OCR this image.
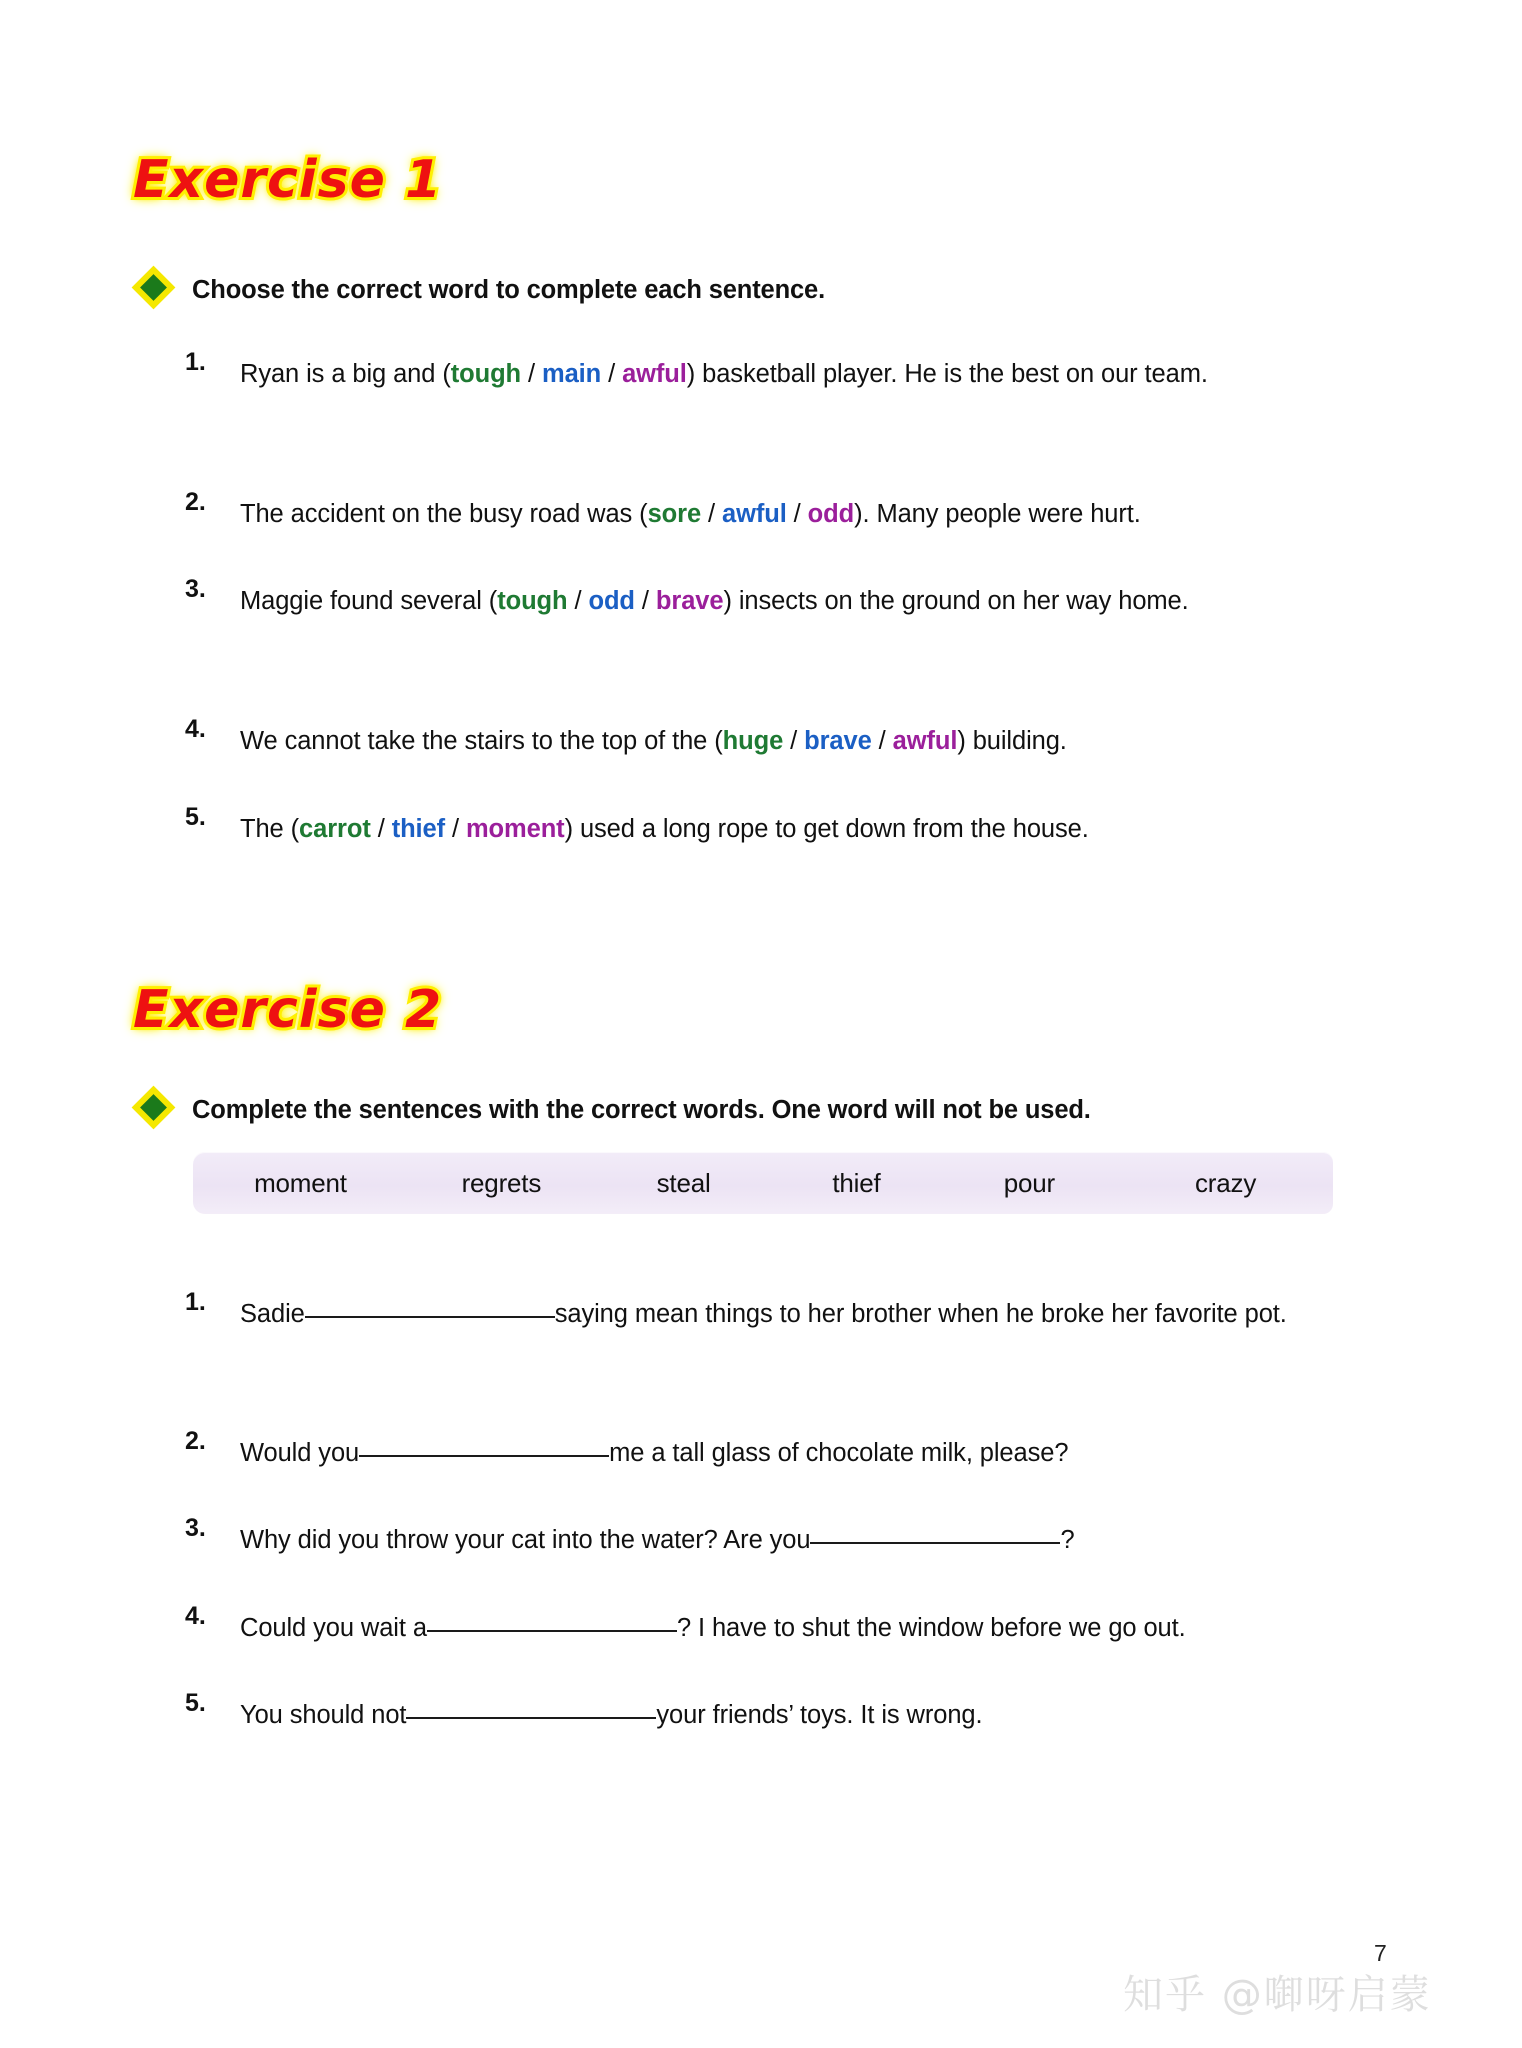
Exercise 1
Choose the correct word to complete each sentence.
1. Ryan is a big and (tough / main / awful) basketball player. He is the best on our team.
2. The accident on the busy road was (sore / awful / odd). Many people were hurt.
3. Maggie found several (tough / odd / brave) insects on the ground on her way home.
4. We cannot take the stairs to the top of the (huge / brave / awful) building.
5. The (carrot / thief / moment) used a long rope to get down from the house.
Exercise 2
Complete the sentences with the correct words. One word will not be used.
moment	regrets	steal	thief	pour	crazy
1. Sadie	saying mean things to her brother when he broke her favorite pot.
2. Would you	me a tall glass of chocolate milk, please?
3. Why did you throw your cat into the water? Are you	?
4. Could you wait a	? I have to shut the window before we go out.
5. You should not	your friends’ toys. It is wrong.
7
知乎 @啣呀启蒙
